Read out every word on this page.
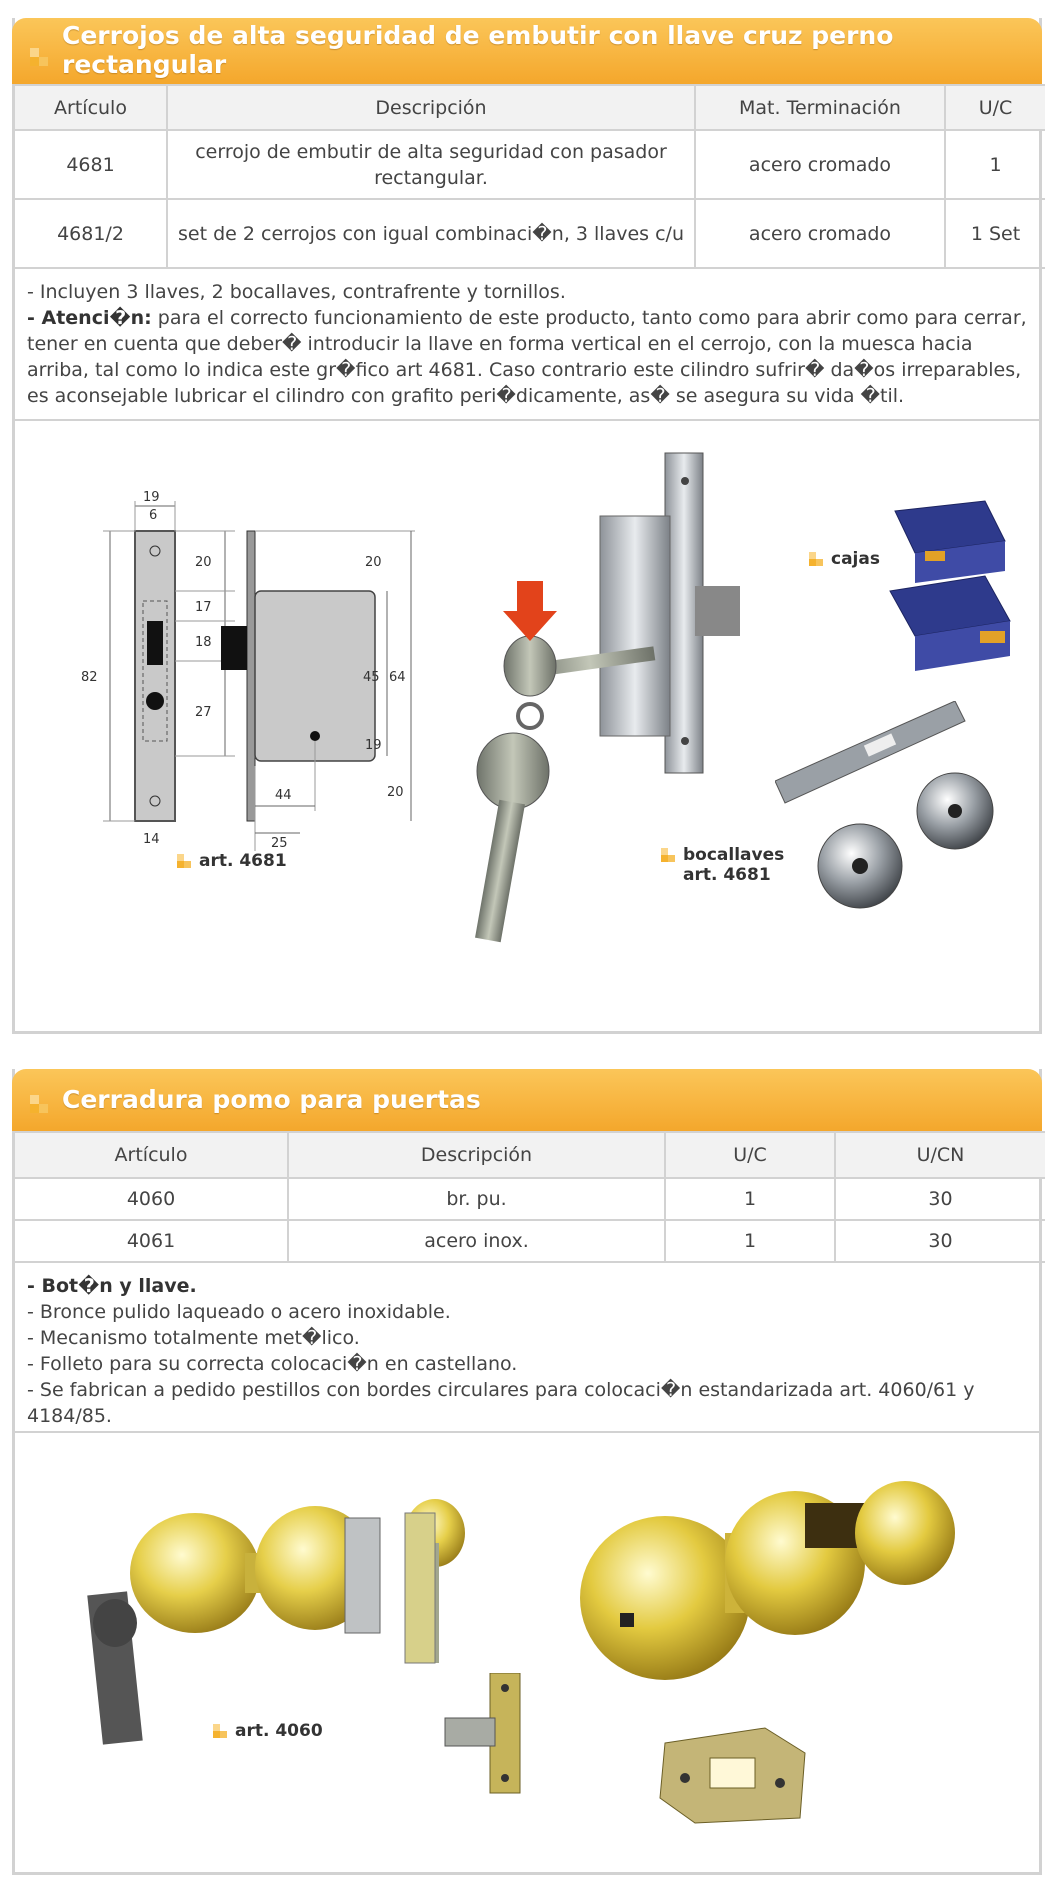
Cerrojos de alta seguridad de embutir con llave cruz perno rectangular
Artículo	Descripción	Mat. Terminación	U/C
4681	cerrojo de embutir de alta seguridad con pasador rectangular.	acero cromado	1
4681/2	set de 2 cerrojos con igual combinaci�n, 3 llaves c/u	acero cromado	1 Set

- Incluyen 3 llaves, 2 bocallaves, contrafrente y tornillos.

- Atenci�n: para el correcto funcionamiento de este producto, tanto como para abrir como para cerrar, tener en cuenta que deber� introducir la llave en forma vertical en el cerrojo, con la muesca hacia arriba, tal como lo indica este gr�fico art 4681. Caso contrario este cilindro sufrir� da�os irreparables, es aconsejable lubricar el cilindro con grafito peri�dicamente, as� se asegura su vida �til.

19
6
82
14
20
17
18
27
20
45 64
19
20
44
25
art. 4681
cajas
bocallaves
art. 4681
Cerradura pomo para puertas
Artículo	Descripción	U/C	U/CN
4060	br. pu.	1	30
4061	acero inox.	1	30

- Bot�n y llave.

- Bronce pulido laqueado o acero inoxidable.

- Mecanismo totalmente met�lico.

- Folleto para su correcta colocaci�n en castellano.

- Se fabrican a pedido pestillos con bordes circulares para colocaci�n estandarizada art. 4060/61 y 4184/85.

art. 4060
